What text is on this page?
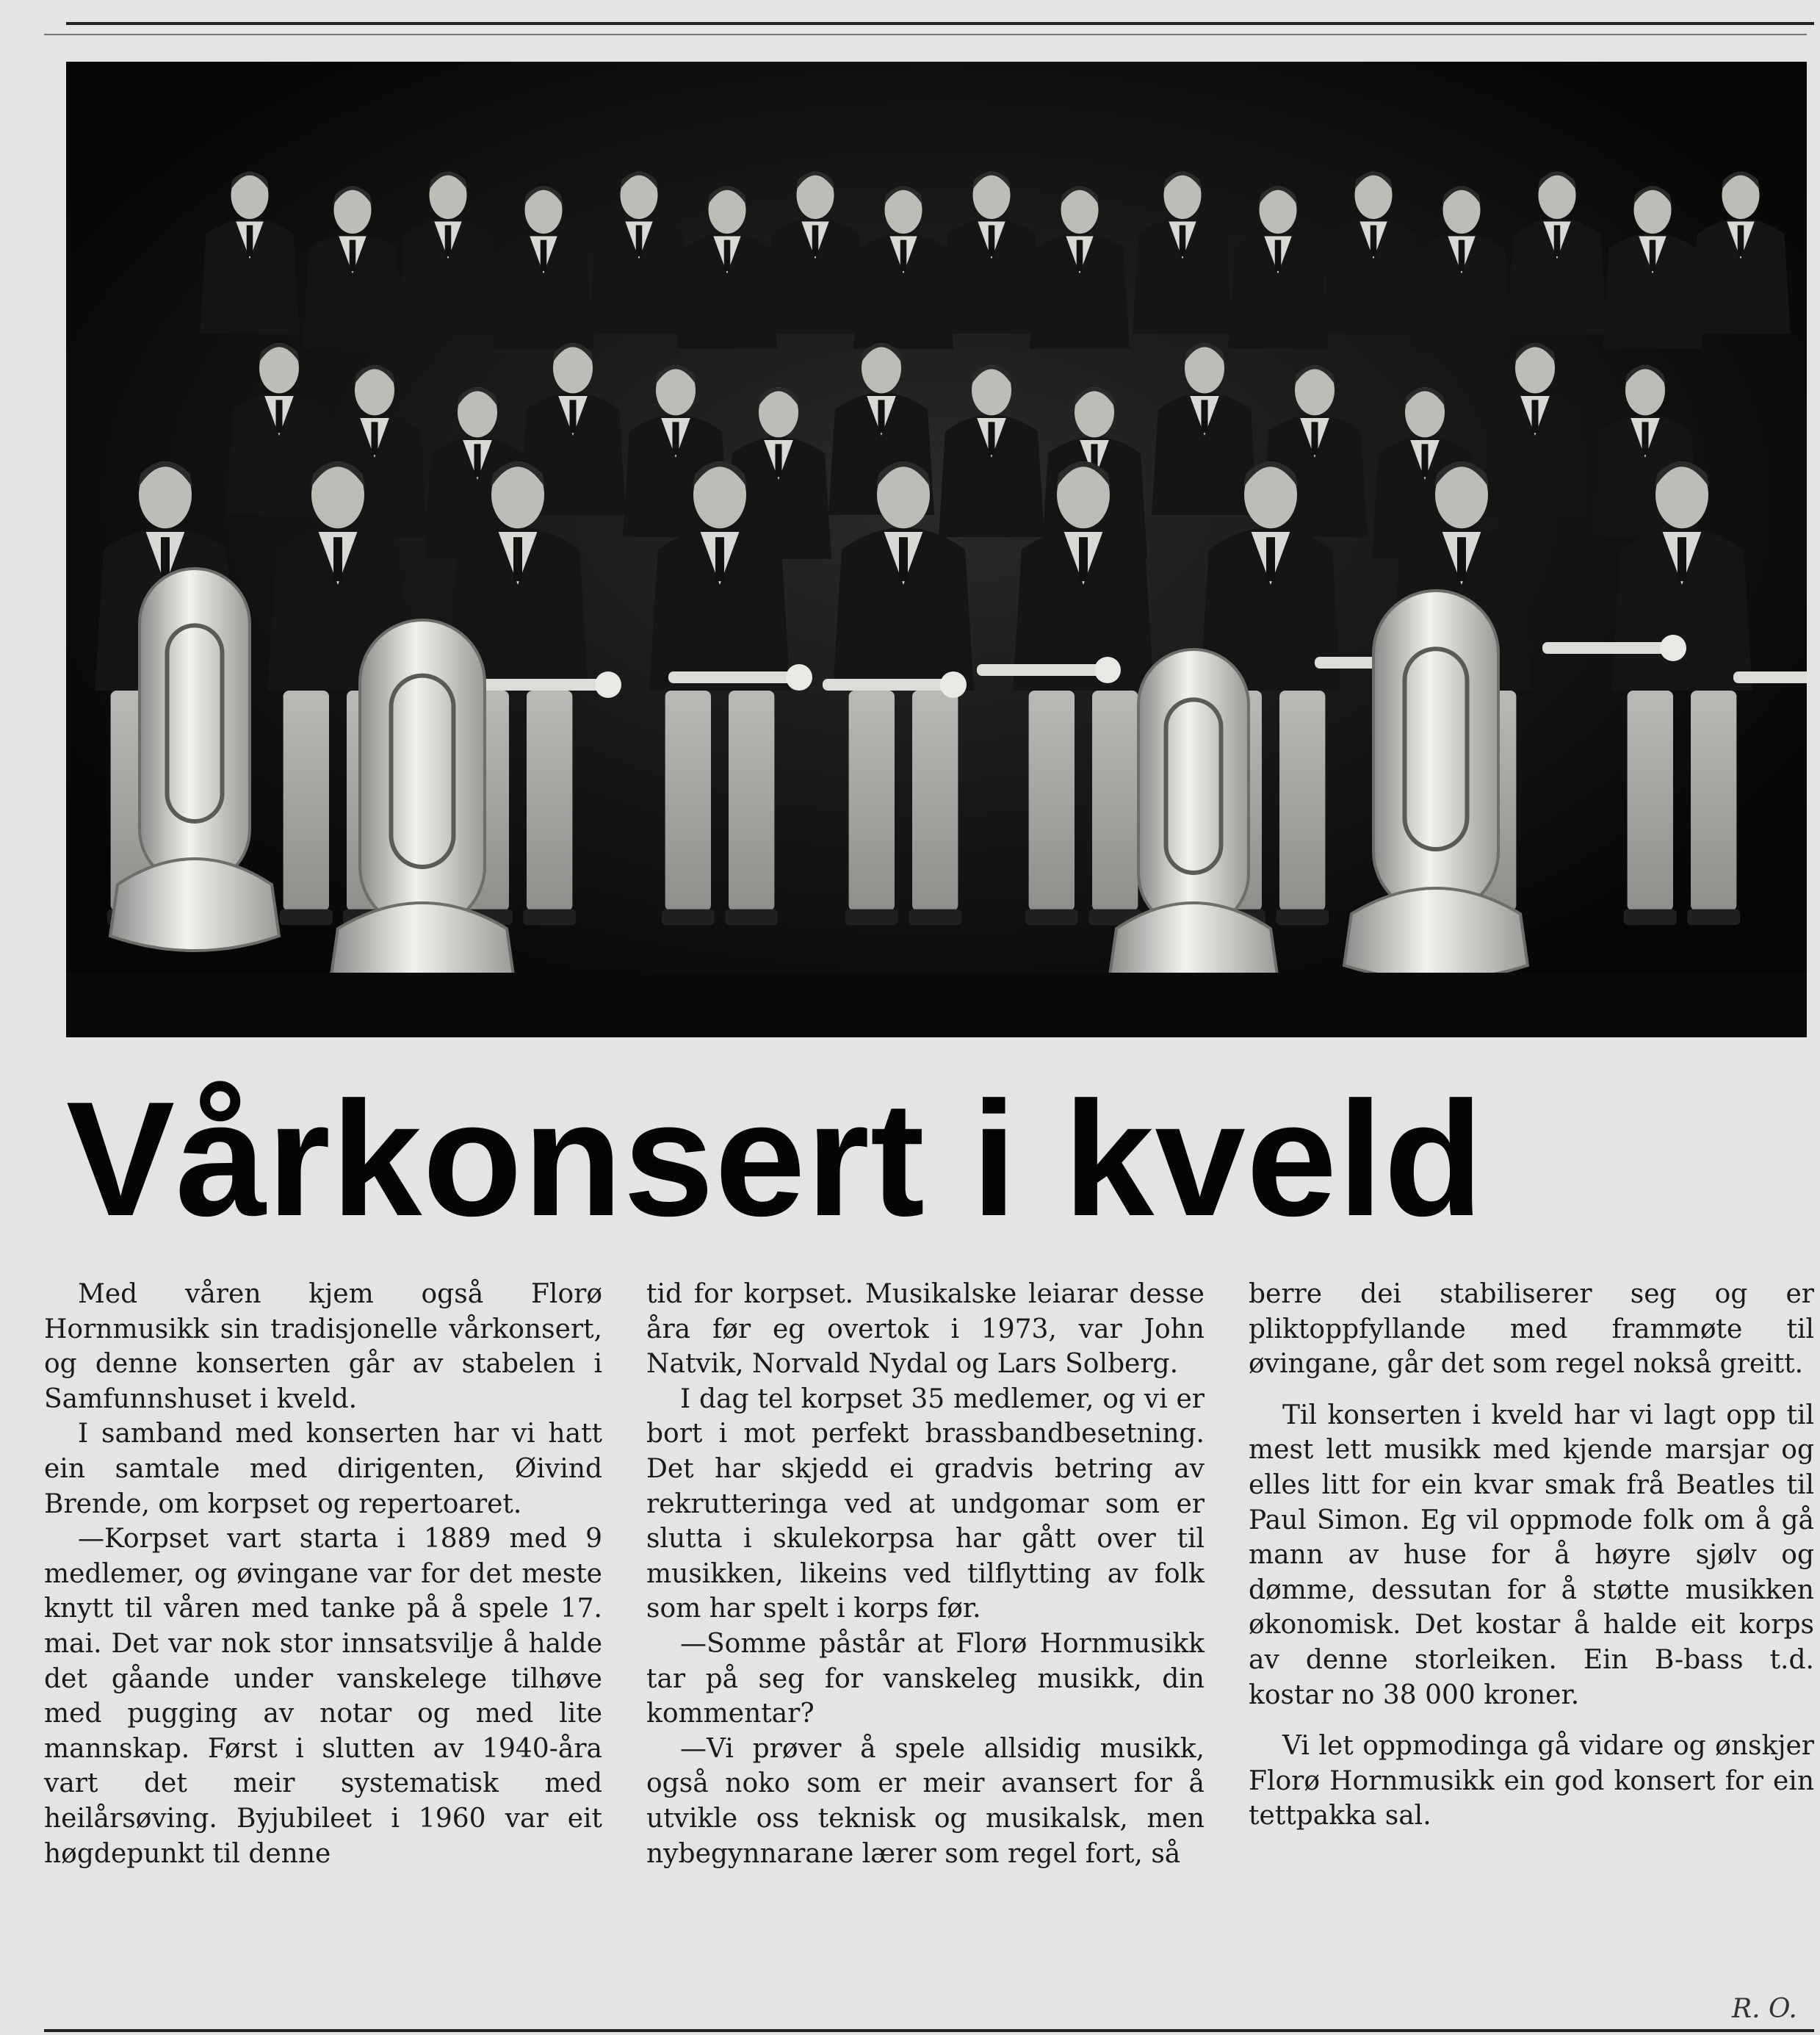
Vårkonsert i kveld

Med våren kjem også Florø Hornmusikk sin tradisjonelle vårkonsert, og denne konserten går av stabelen i Samfunnshuset i kveld.

I samband med konserten har vi hatt ein samtale med dirigenten, Øivind Brende, om korpset og repertoaret.

—Korpset vart starta i 1889 med 9 medlemer, og øvingane var for det meste knytt til våren med tanke på å spele 17. mai. Det var nok stor innsatsvilje å halde det gåande under vanskelege tilhøve med pugging av notar og med lite mannskap. Først i slutten av 1940-åra vart det meir systematisk med heilårsøving. Byjubileet i 1960 var eit høgdepunkt til denne

tid for korpset. Musikalske leiarar desse åra før eg overtok i 1973, var John Natvik, Norvald Nydal og Lars Solberg.

I dag tel korpset 35 medlemer, og vi er bort i mot perfekt brassbandbesetning. Det har skjedd ei gradvis betring av rekrutteringa ved at undgomar som er slutta i skulekorpsa har gått over til musikken, likeins ved tilflytting av folk som har spelt i korps før.

—Somme påstår at Florø Hornmusikk tar på seg for vanskeleg musikk, din kommentar?

—Vi prøver å spele allsidig musikk, også noko som er meir avansert for å utvikle oss teknisk og musikalsk, men nybegynnarane lærer som regel fort, så

berre dei stabiliserer seg og er pliktoppfyllande med frammøte til øvingane, går det som regel nokså greitt.

Til konserten i kveld har vi lagt opp til mest lett musikk med kjende marsjar og elles litt for ein kvar smak frå Beatles til Paul Simon. Eg vil oppmode folk om å gå mann av huse for å høyre sjølv og dømme, dessutan for å støtte musikken økonomisk. Det kostar å halde eit korps av denne storleiken. Ein B-bass t.d. kostar no 38 000 kroner.

Vi let oppmodinga gå vidare og ønskjer Florø Hornmusikk ein god konsert for ein tettpakka sal.

R. O.
